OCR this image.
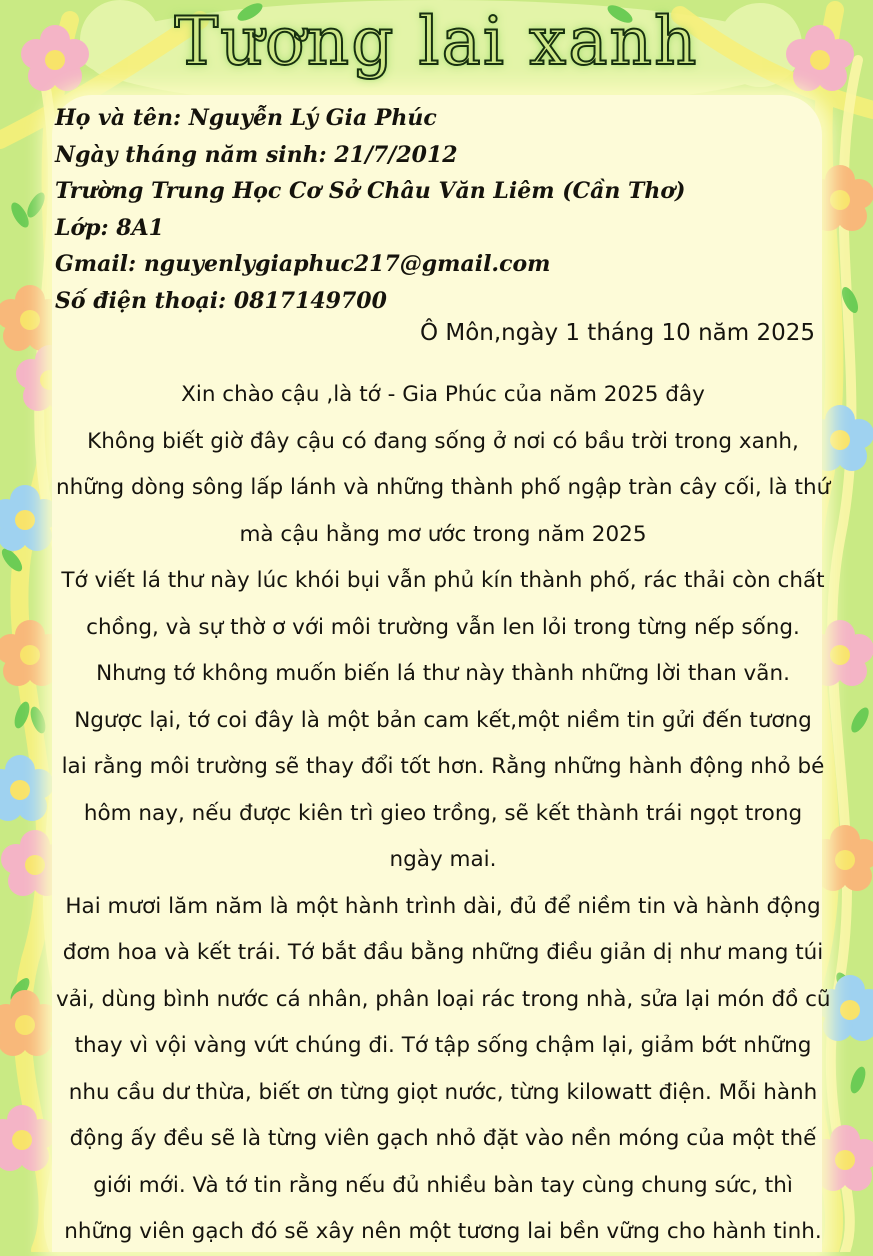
Tương lai xanh
Họ và tên: Nguyễn Lý Gia Phúc
Ngày tháng năm sinh: 21/7/2012
Trường Trung Học Cơ Sở Châu Văn Liêm (Cần Thơ)
Lớp: 8A1
Gmail: nguyenlygiaphuc217@gmail.com
Số điện thoại: 0817149700
Ô Môn,ngày 1 tháng 10 năm 2025
Xin chào cậu ,là tớ - Gia Phúc của năm 2025 đây
Không biết giờ đây cậu có đang sống ở nơi có bầu trời trong xanh,
những dòng sông lấp lánh và những thành phố ngập tràn cây cối, là thứ
mà cậu hằng mơ ước trong năm 2025
Tớ viết lá thư này lúc khói bụi vẫn phủ kín thành phố, rác thải còn chất
chồng, và sự thờ ơ với môi trường vẫn len lỏi trong từng nếp sống.
Nhưng tớ không muốn biến lá thư này thành những lời than vãn.
Ngược lại, tớ coi đây là một bản cam kết,một niềm tin gửi đến tương
lai rằng môi trường sẽ thay đổi tốt hơn. Rằng những hành động nhỏ bé
hôm nay, nếu được kiên trì gieo trồng, sẽ kết thành trái ngọt trong
ngày mai.
Hai mươi lăm năm là một hành trình dài, đủ để niềm tin và hành động
đơm hoa và kết trái. Tớ bắt đầu bằng những điều giản dị như mang túi
vải, dùng bình nước cá nhân, phân loại rác trong nhà, sửa lại món đồ cũ
thay vì vội vàng vứt chúng đi. Tớ tập sống chậm lại, giảm bớt những
nhu cầu dư thừa, biết ơn từng giọt nước, từng kilowatt điện. Mỗi hành
động ấy đều sẽ là từng viên gạch nhỏ đặt vào nền móng của một thế
giới mới. Và tớ tin rằng nếu đủ nhiều bàn tay cùng chung sức, thì
những viên gạch đó sẽ xây nên một tương lai bền vững cho hành tinh.
